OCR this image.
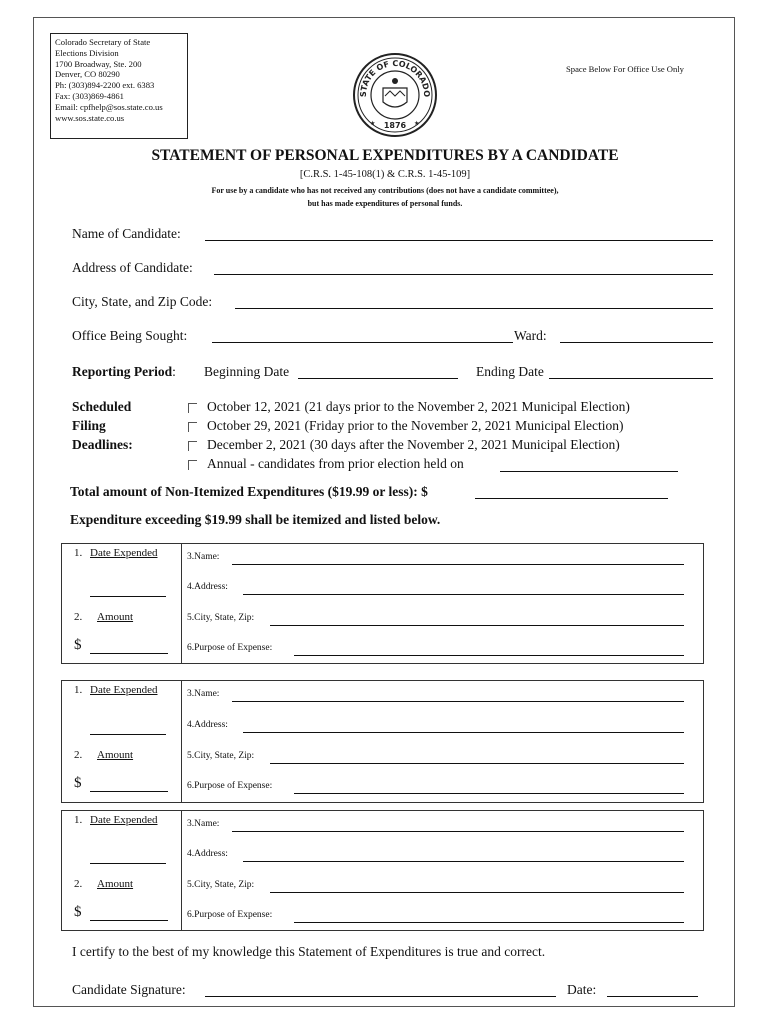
Colorado Secretary of State
Elections Division
1700 Broadway, Ste. 200
Denver, CO 80290
Ph: (303)894-2200 ext. 6383
Fax: (303)869-4861
Email: cpfhelp@sos.state.co.us
www.sos.state.co.us
STATE OF COLORADO
1876
★	★
Space Below For Office Use Only
STATEMENT OF PERSONAL EXPENDITURES BY A CANDIDATE
[C.R.S. 1-45-108(1) & C.R.S. 1-45-109]
For use by a candidate who has not received any contributions (does not have a candidate committee),
but has made expenditures of personal funds.
Name of Candidate:
Address of Candidate:
City, State, and Zip Code:
Office Being Sought:	Ward:
Reporting Period: Beginning Date	Ending Date
Scheduled
Filing
Deadlines:
October 12, 2021 (21 days prior to the November 2, 2021 Municipal Election)
October 29, 2021 (Friday prior to the November 2, 2021 Municipal Election)
December 2, 2021 (30 days after the November 2, 2021 Municipal Election)
Annual - candidates from prior election held on
Total amount of Non-Itemized Expenditures ($19.99 or less): $
Expenditure exceeding $19.99 shall be itemized and listed below.
1. Date Expended
2. Amount
$
3.Name:
4.Address:
5.City, State, Zip:
6.Purpose of Expense:
1. Date Expended
2. Amount
$
3.Name:
4.Address:
5.City, State, Zip:
6.Purpose of Expense:
1. Date Expended
2. Amount
$
3.Name:
4.Address:
5.City, State, Zip:
6.Purpose of Expense:
I certify to the best of my knowledge this Statement of Expenditures is true and correct.
Candidate Signature:	Date:
